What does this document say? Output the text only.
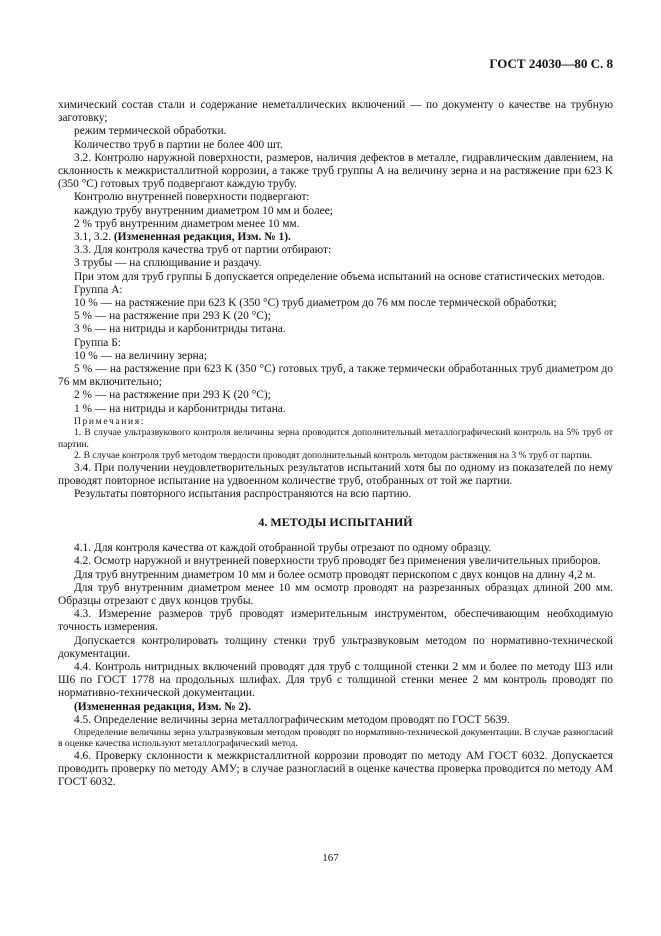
ГОСТ 24030—80 С. 8

химический состав стали и содержание неметаллических включений — по документу о качестве на трубную заготовку;

режим термической обработки.

Количество труб в партии не более 400 шт.

3.2. Контролю наружной поверхности, размеров, наличия дефектов в металле, гидравлическим давлением, на склонность к межкристаллитной коррозии, а также труб группы А на величину зерна и на растяжение при 623 K (350 °C) готовых труб подвергают каждую трубу.

Контролю внутренней поверхности подвергают:

каждую трубу внутренним диаметром 10 мм и более;

2 % труб внутренним диаметром менее 10 мм.

3.1, 3.2. (Измененная редакция, Изм. № 1).

3.3. Для контроля качества труб от партии отбирают:

3 трубы — на сплющивание и раздачу.

При этом для труб группы Б допускается определение объема испытаний на основе статистических методов.

Группа А:

10 % — на растяжение при 623 K (350 °C) труб диаметром до 76 мм после термической обработки;

5 % — на растяжение при 293 K (20 °C);

3 % — на нитриды и карбонитриды титана.

Группа Б:

10 % — на величину зерна;

5 % — на растяжение при 623 K (350 °C) готовых труб, а также термически обработанных труб диаметром до 76 мм включительно;

2 % — на растяжение при 293 K (20 °C);

1 % — на нитриды и карбонитриды титана.

Примечания:

1. В случае ультразвукового контроля величины зерна проводится дополнительный металлографический контроль на 5% труб от партии.

2. В случае контроля труб методом твердости проводят дополнительный контроль методом растяжения на 3 % труб от партии.

3.4. При получении неудовлетворительных результатов испытаний хотя бы по одному из показателей по нему проводят повторное испытание на удвоенном количестве труб, отобранных от той же партии.

Результаты повторного испытания распространяются на всю партию.

4. МЕТОДЫ ИСПЫТАНИЙ

4.1. Для контроля качества от каждой отобранной трубы отрезают по одному образцу.

4.2. Осмотр наружной и внутренней поверхности труб проводят без применения увеличительных приборов.

Для труб внутренним диаметром 10 мм и более осмотр проводят перископом с двух концов на длину 4,2 м.

Для труб внутренним диаметром менее 10 мм осмотр проводят на разрезанных образцах длиной 200 мм. Образцы отрезают с двух концов трубы.

4.3. Измерение размеров труб проводят измерительным инструментом, обеспечивающим необходимую точность измерения.

Допускается контролировать толщину стенки труб ультразвуковым методом по нормативно-технической документации.

4.4. Контроль нитридных включений проводят для труб с толщиной стенки 2 мм и более по методу Ш3 или Ш6 по ГОСТ 1778 на продольных шлифах. Для труб с толщиной стенки менее 2 мм контроль проводят по нормативно-технической документации.

(Измененная редакция, Изм. № 2).

4.5. Определение величины зерна металлографическим методом проводят по ГОСТ 5639.

Определение величины зерна ультразвуковым методом проводят по нормативно-технической документации. В случае разногласий в оценке качества используют металлографический метод.

4.6. Проверку склонности к межкристаллитной коррозии проводят по методу АМ ГОСТ 6032. Допускается проводить проверку по методу АМУ; в случае разногласий в оценке качества проверка проводится по методу АМ ГОСТ 6032.

167
